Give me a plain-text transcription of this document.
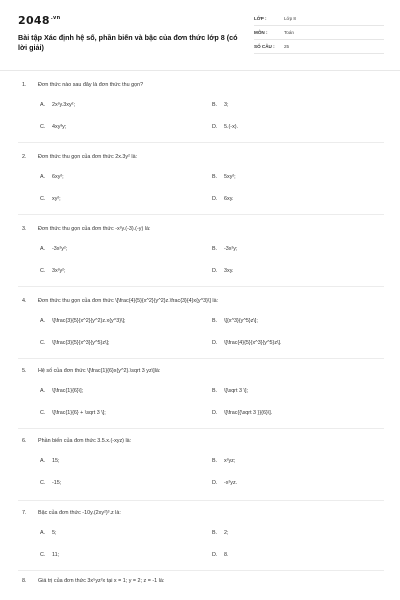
$2048^{.vn}$
Bài tập Xác định hệ số, phần biến và bậc của đơn thức lớp 8 (có lời giải)
LỚP :	Lớp 8
MÔN :	Toán
SỐ CÂU : 25
1. Đơn thức nào sau đây là đơn thức thu gọn?
A. 2x²y.3xy²;	B. 3;
C. 4xy³y;	D. 5.(-x).
2. Đơn thức thu gọn của đơn thức 2x.3y² là:
A. 6xy²;	B. 5xy²;
C. xy²;	D. 6xy.
3. Đơn thức thu gọn của đơn thức -x²y.(-3).(-y) là:
A. -3x²y²;	B. -3x²y;
C. 3x²y²;	D. 3xy.
4. Đơn thức thu gọn của đơn thức \[\frac{4}{5}{x^2}{y^2}z.\frac{3}{4}x{y^3}\] là:
A. \[\frac{3}{5}{x^2}{y^2}z.x{y^3}\];	B. \[{x^3}{y^5}z\];
C. \[\frac{3}{5}{x^3}{y^5}z\];	D. \[\frac{4}{5}{x^3}{y^5}z\].
5. Hệ số của đơn thức \[\frac{1}{6}x{y^2}.\sqrt 3 yz\]là:
A. \[\frac{1}{6}\];	B. \[\sqrt 3 \];
C. \[\frac{1}{6} + \sqrt 3 \];	D. \[\frac{{\sqrt 3 }}{6}\].
6. Phần biến của đơn thức 3.5.x.(-xyz) là:
A. 15;	B. x²yz;
C. -15;	D. -x²yz.
7. Bậc của đơn thức -10y.(2xy²)³.z là:
A. 5;	B. 2;
C. 11;	D. 8.
8. Giá trị của đơn thức 3x⁵yz²x tại x = 1; y = 2; z = -1 là:
